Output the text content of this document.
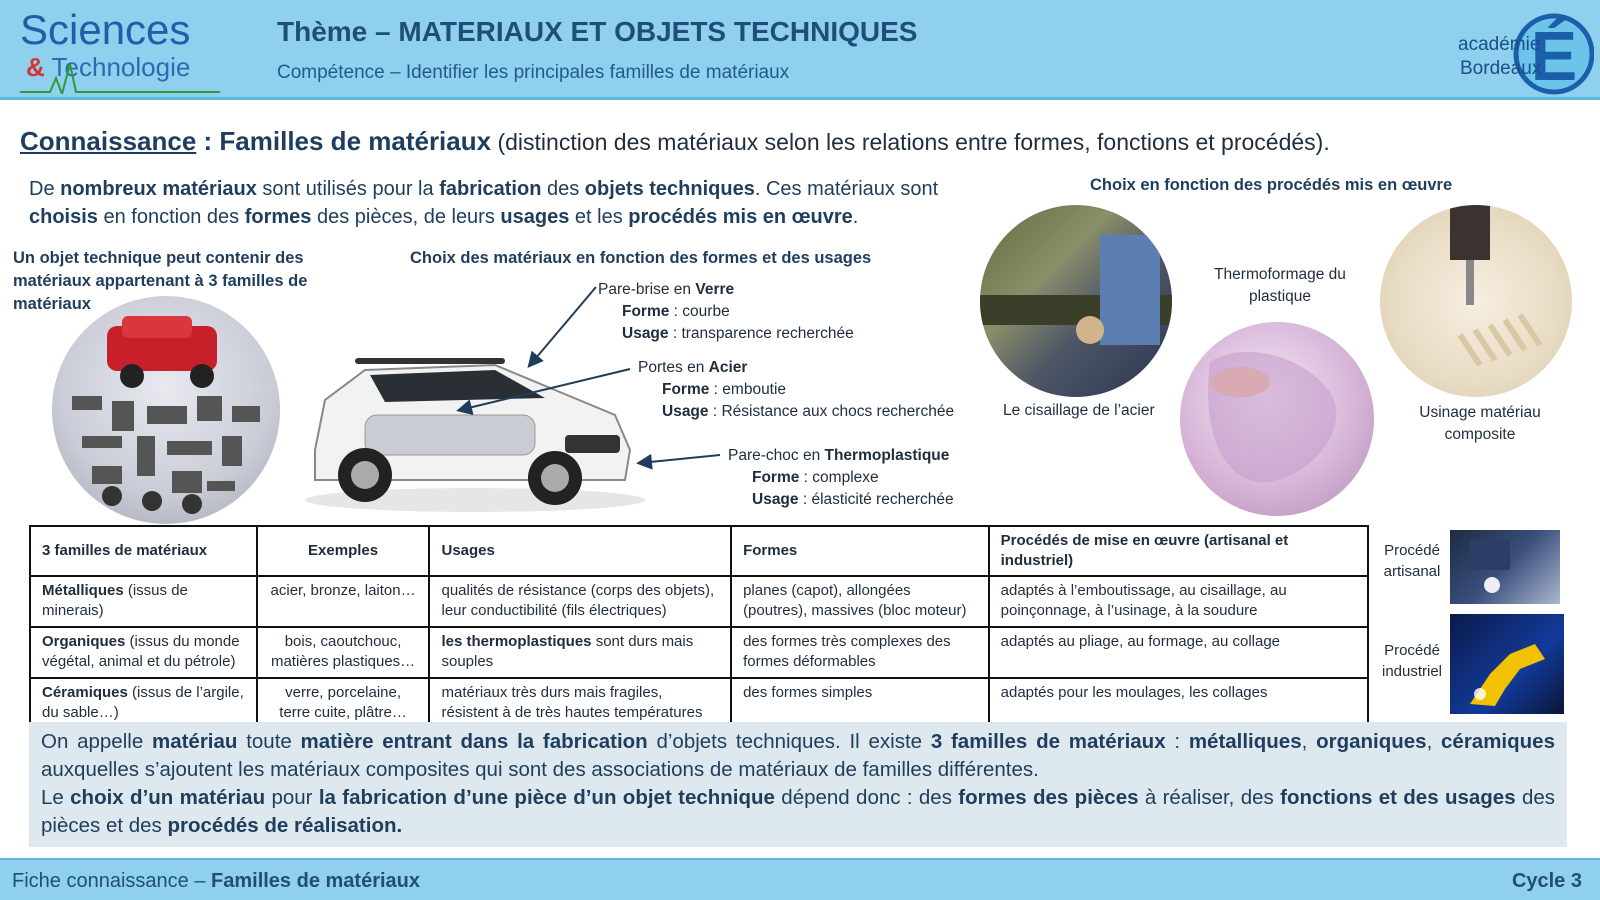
Sciences
& Technologie
Thème – MATERIAUX ET OBJETS TECHNIQUES
Compétence – Identifier les principales familles de matériaux	É
académie
Bordeaux
Connaissance : Familles de matériaux (distinction des matériaux selon les relations entre formes, fonctions et procédés).
De nombreux matériaux sont utilisés pour la fabrication des objets techniques. Ces matériaux sont choisis en fonction des formes des pièces, de leurs usages et les procédés mis en œuvre.
Un objet technique peut contenir des matériaux appartenant à 3 familles de matériaux
Choix des matériaux en fonction des formes et des usages
Choix en fonction des procédés mis en œuvre
Pare-brise en Verre
Forme : courbe
Usage : transparence recherchée
Portes en Acier
Forme : emboutie
Usage : Résistance aux chocs recherchée
Pare-choc en Thermoplastique
Forme : complexe
Usage : élasticité recherchée
Le cisaillage de l’acier
Thermoformage du plastique
Usinage matériau composite
3 familles de matériaux	Exemples	Usages	Formes	Procédés de mise en œuvre (artisanal et industriel)
Métalliques (issus de minerais)	acier, bronze, laiton…	qualités de résistance (corps des objets), leur conductibilité (fils électriques)	planes (capot), allongées (poutres), massives (bloc moteur)	adaptés à l’emboutissage, au cisaillage, au poinçonnage, à l’usinage, à la soudure
Organiques (issus du monde végétal, animal et du pétrole)	bois, caoutchouc, matières plastiques…	les thermoplastiques sont durs mais souples	des formes très complexes des formes déformables	adaptés au pliage, au formage, au collage
Céramiques (issus de l’argile, du sable…)	verre, porcelaine, terre cuite, plâtre…	matériaux très durs mais fragiles, résistent à de très hautes températures	des formes simples	adaptés pour les moulages, les collages
Procédé artisanal
Procédé industriel
On appelle matériau toute matière entrant dans la fabrication d’objets techniques. Il existe 3 familles de matériaux : métalliques, organiques, céramiques auxquelles s’ajoutent les matériaux composites qui sont des associations de matériaux de familles différentes.
Le choix d’un matériau pour la fabrication d’une pièce d’un objet technique dépend donc : des formes des pièces à réaliser, des fonctions et des usages des pièces et des procédés de réalisation.
Fiche connaissance – Familles de matériaux	Cycle 3
